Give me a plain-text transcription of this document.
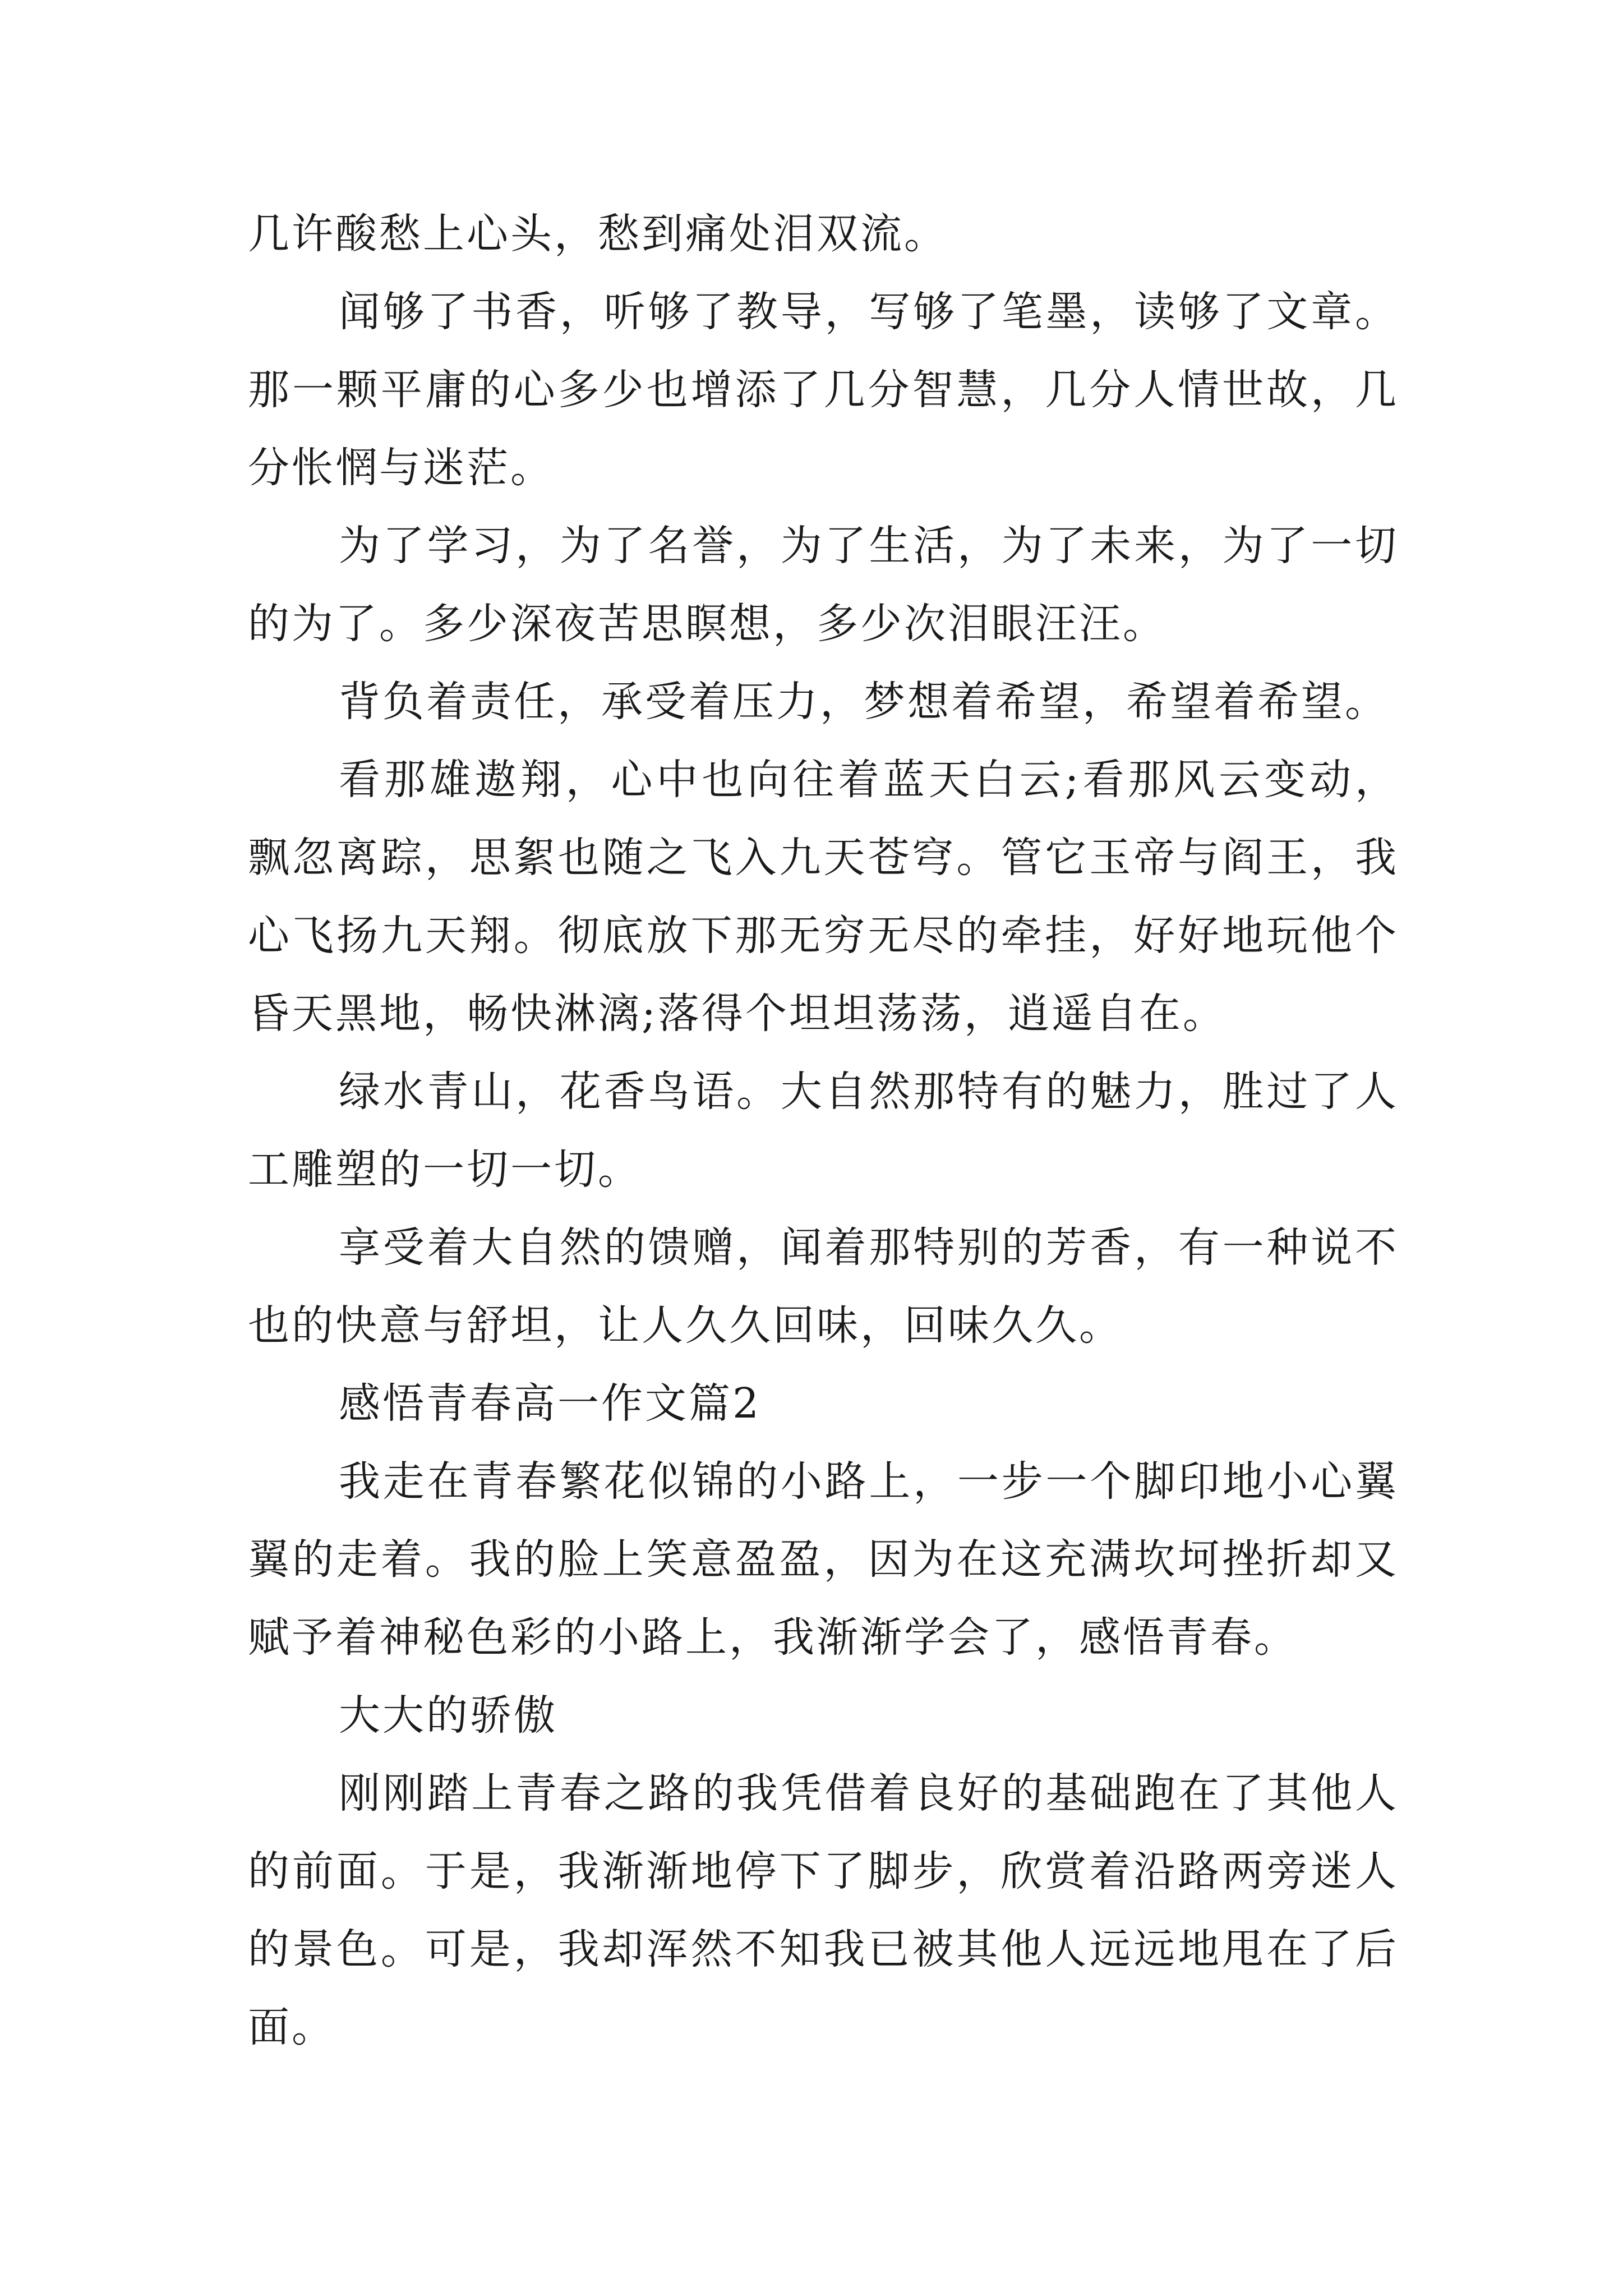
几许酸愁上心头，愁到痛处泪双流。

闻够了书香，听够了教导，写够了笔墨，读够了文章。那一颗平庸的心多少也增添了几分智慧，几分人情世故，几分怅惘与迷茫。

为了学习，为了名誉，为了生活，为了未来，为了一切的为了。多少深夜苦思瞑想，多少次泪眼汪汪。

背负着责任，承受着压力，梦想着希望，希望着希望。

看那雄遨翔，心中也向往着蓝天白云;看那风云变动，飘忽离踪，思絮也随之飞入九天苍穹。管它玉帝与阎王，我心飞扬九天翔。彻底放下那无穷无尽的牵挂，好好地玩他个昏天黑地，畅快淋漓;落得个坦坦荡荡，逍遥自在。

绿水青山，花香鸟语。大自然那特有的魅力，胜过了人工雕塑的一切一切。

享受着大自然的馈赠，闻着那特别的芳香，有一种说不也的快意与舒坦，让人久久回味，回味久久。

感悟青春高一作文篇2

我走在青春繁花似锦的小路上，一步一个脚印地小心翼翼的走着。我的脸上笑意盈盈，因为在这充满坎坷挫折却又赋予着神秘色彩的小路上，我渐渐学会了，感悟青春。

大大的骄傲

刚刚踏上青春之路的我凭借着良好的基础跑在了其他人的前面。于是，我渐渐地停下了脚步，欣赏着沿路两旁迷人的景色。可是，我却浑然不知我已被其他人远远地甩在了后面。
